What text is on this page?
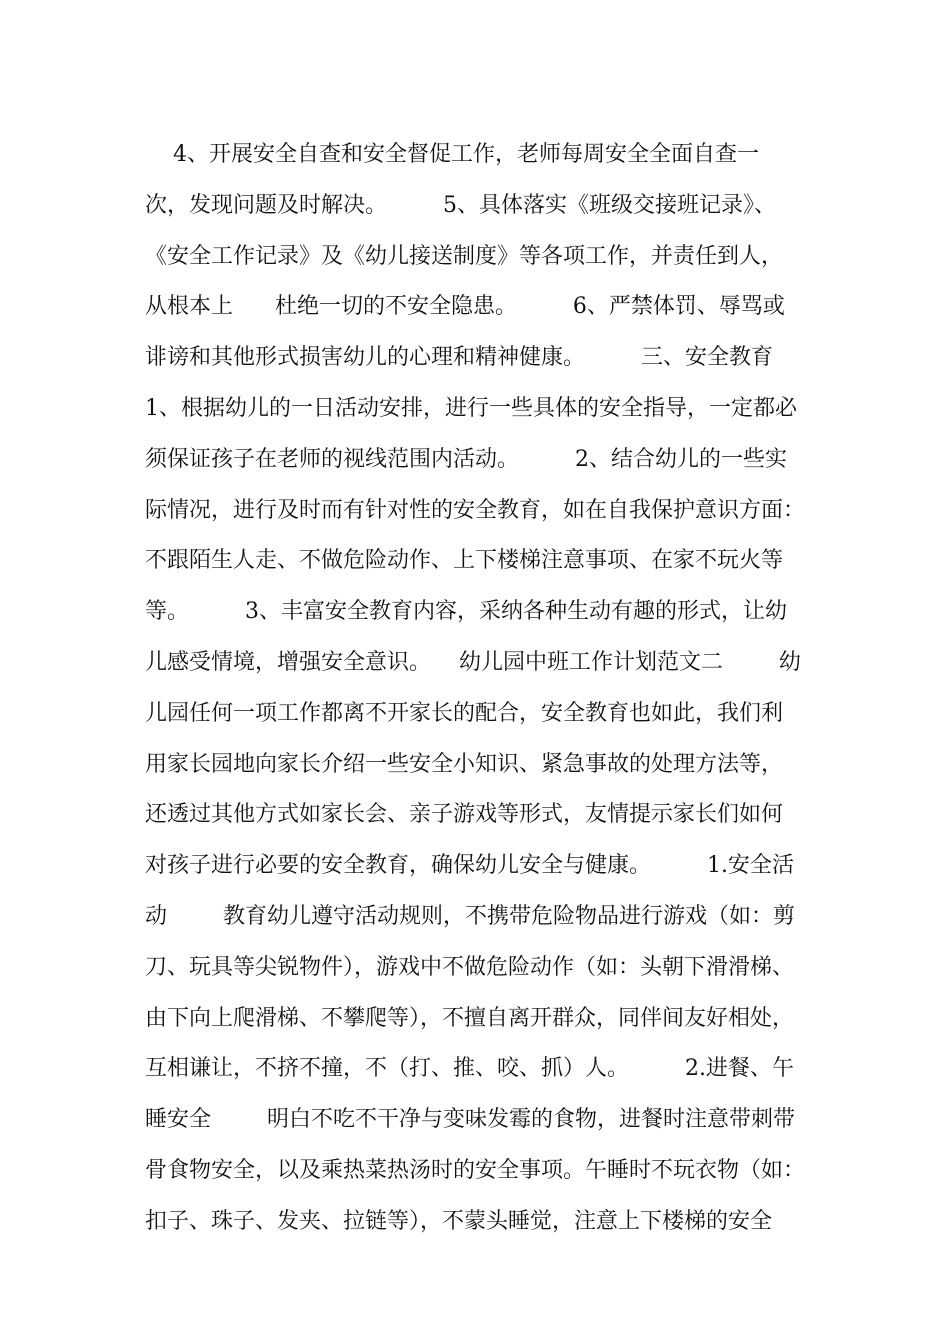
4、开展安全自查和安全督促工作，老师每周安全全面自查一
次，发现问题及时解决。        5、具体落实《班级交接班记录》、
《安全工作记录》及《幼儿接送制度》等各项工作，并责任到人，
从根本上      杜绝一切的不安全隐患。        6、严禁体罚、辱骂或
诽谤和其他形式损害幼儿的心理和精神健康。        三、安全教育
1、根据幼儿的一日活动安排，进行一些具体的安全指导，一定都必
须保证孩子在老师的视线范围内活动。        2、结合幼儿的一些实
际情况，进行及时而有针对性的安全教育，如在自我保护意识方面：
不跟陌生人走、不做危险动作、上下楼梯注意事项、在家不玩火等
等。        3、丰富安全教育内容，采纳各种生动有趣的形式，让幼
儿感受情境，增强安全意识。    幼儿园中班工作计划范文二        幼
儿园任何一项工作都离不开家长的配合，安全教育也如此，我们利
用家长园地向家长介绍一些安全小知识、紧急事故的处理方法等，
还透过其他方式如家长会、亲子游戏等形式，友情提示家长们如何
对孩子进行必要的安全教育，确保幼儿安全与健康。        1.安全活
动        教育幼儿遵守活动规则，不携带危险物品进行游戏（如：剪
刀、玩具等尖锐物件），游戏中不做危险动作（如：头朝下滑滑梯、
由下向上爬滑梯、不攀爬等），不擅自离开群众，同伴间友好相处，
互相谦让，不挤不撞，不（打、推、咬、抓）人。        2.进餐、午
睡安全        明白不吃不干净与变味发霉的食物，进餐时注意带刺带
骨食物安全，以及乘热菜热汤时的安全事项。午睡时不玩衣物（如：
扣子、珠子、发夹、拉链等），不蒙头睡觉，注意上下楼梯的安全
